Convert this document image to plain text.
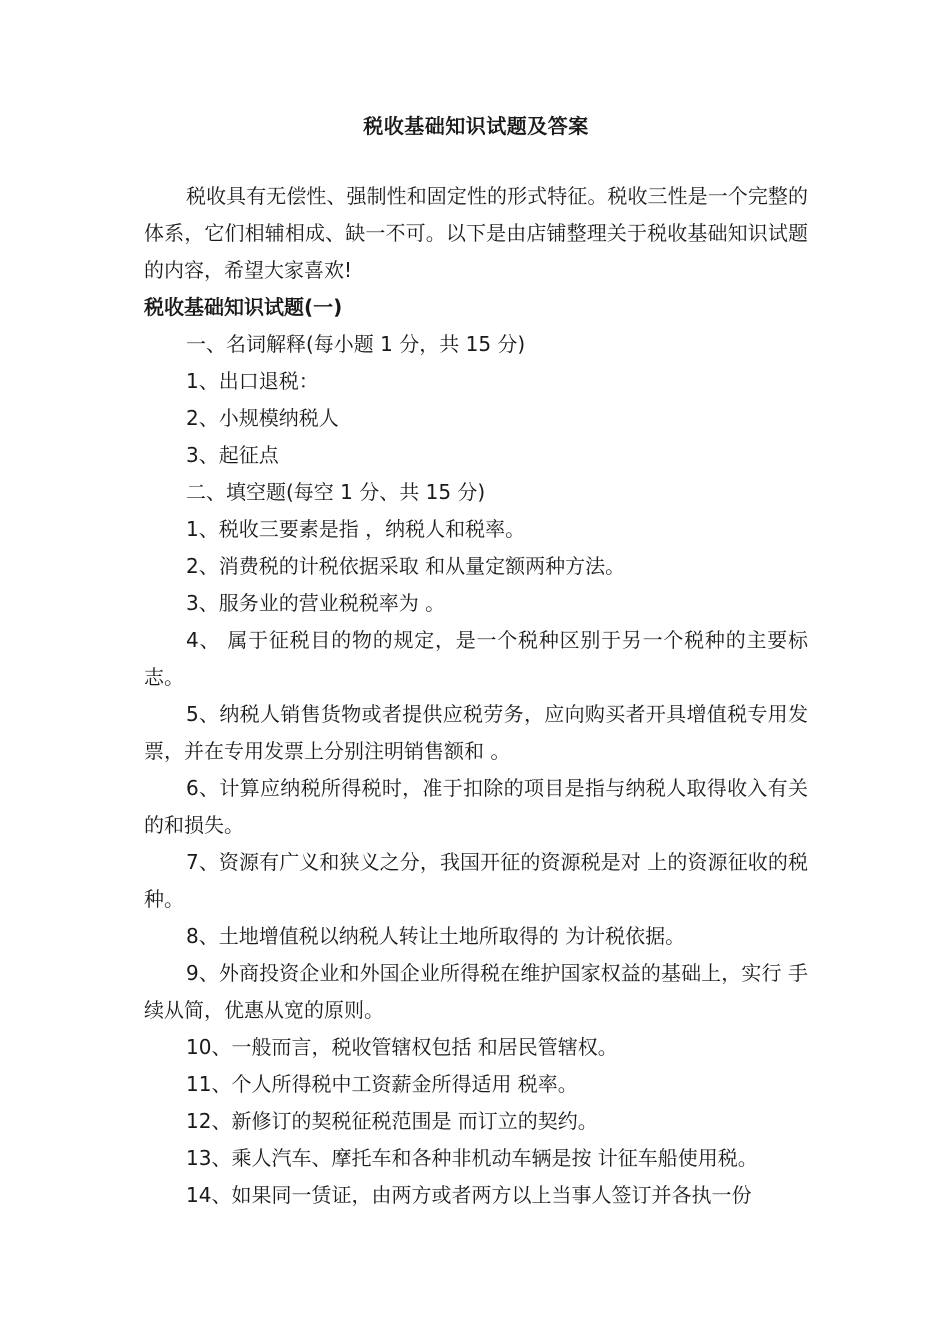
税收基础知识试题及答案

税收具有无偿性、强制性和固定性的形式特征。税收三性是一个完整的体系，它们相辅相成、缺一不可。以下是由店铺整理关于税收基础知识试题的内容，希望大家喜欢!

税收基础知识试题(一)

一、名词解释(每小题 1 分，共 15 分)

1、出口退税：

2、小规模纳税人

3、起征点

二、填空题(每空 1 分、共 15 分)

1、税收三要素是指 ，纳税人和税率。

2、消费税的计税依据采取 和从量定额两种方法。

3、服务业的营业税税率为 。

4、 属于征税目的物的规定，是一个税种区别于另一个税种的主要标志。

5、纳税人销售货物或者提供应税劳务，应向购买者开具增值税专用发票，并在专用发票上分别注明销售额和 。

6、计算应纳税所得税时，准于扣除的项目是指与纳税人取得收入有关的和损失。

7、资源有广义和狭义之分，我国开征的资源税是对 上的资源征收的税种。

8、土地增值税以纳税人转让土地所取得的 为计税依据。

9、外商投资企业和外国企业所得税在维护国家权益的基础上，实行 手续从简，优惠从宽的原则。

10、一般而言，税收管辖权包括 和居民管辖权。

11、个人所得税中工资薪金所得适用 税率。

12、新修订的契税征税范围是 而订立的契约。

13、乘人汽车、摩托车和各种非机动车辆是按 计征车船使用税。

14、如果同一赁证，由两方或者两方以上当事人签订并各执一份
